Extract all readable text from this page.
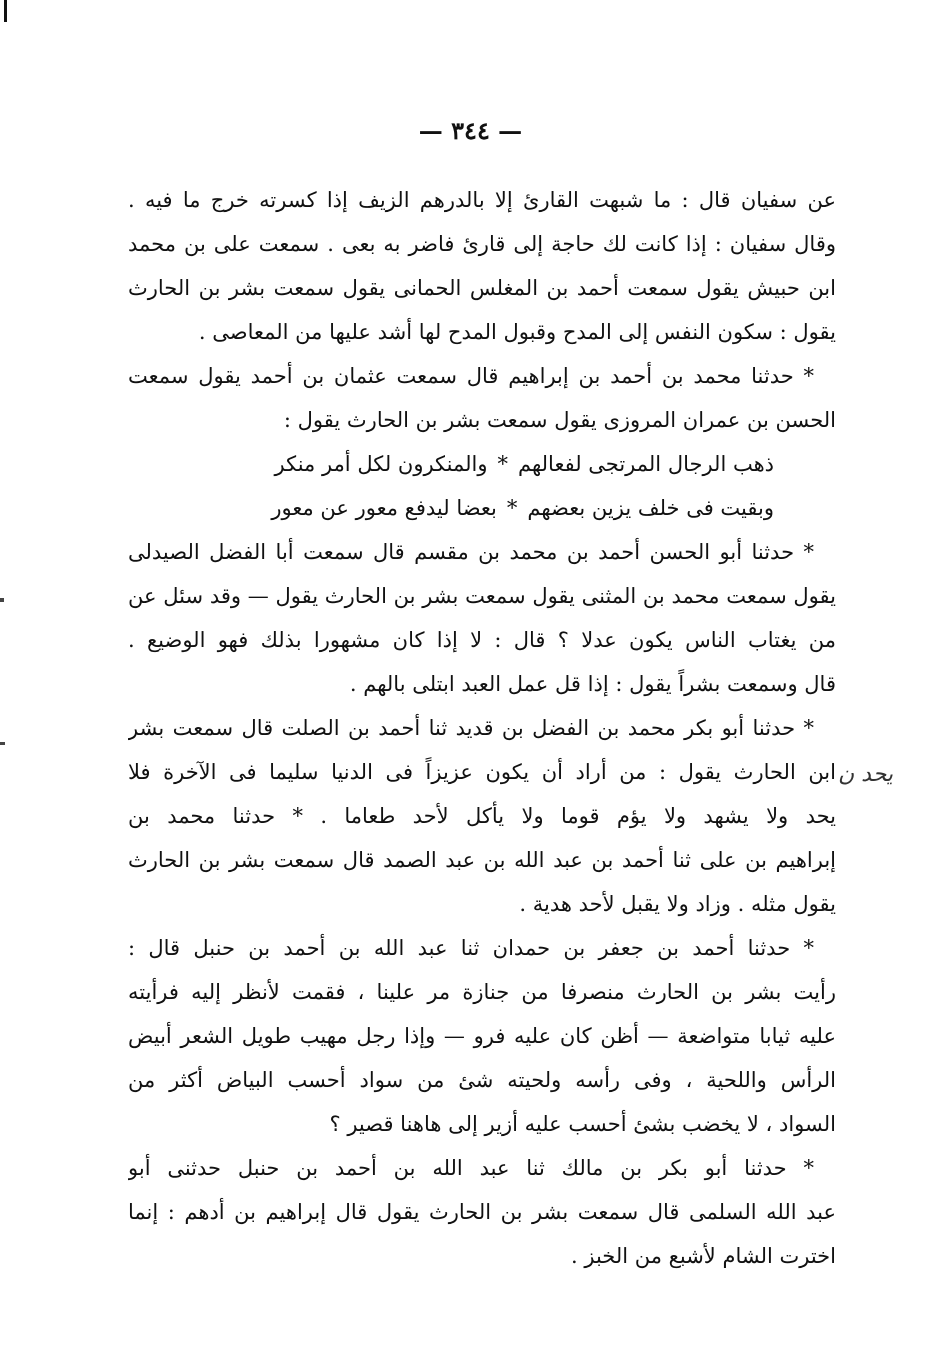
— ٣٤٤ —
يحد ن
عن سفيان قال : ما شبهت القارئ إلا بالدرهم الزيف إذا كسرته خرج ما فيه .
وقال سفيان : إذا كانت لك حاجة إلى قارئ فاضر به بعى . سمعت على بن محمد
ابن حبيش يقول سمعت أحمد بن المغلس الحمانى يقول سمعت بشر بن الحارث
يقول : سكون النفس إلى المدح وقبول المدح لها أشد عليها من المعاصى .
* حدثنا محمد بن أحمد بن إبراهيم قال سمعت عثمان بن أحمد يقول سمعت
الحسن بن عمران المروزى يقول سمعت بشر بن الحارث يقول :
ذهب الرجال المرتجى لفعالهم*والمنكرون لكل أمر منكر
وبقيت فى خلف يزين بعضهم*بعضا ليدفع معور عن معور
* حدثنا أبو الحسن أحمد بن محمد بن مقسم قال سمعت أبا الفضل الصيدلى
يقول سمعت محمد بن المثنى يقول سمعت بشر بن الحارث يقول — وقد سئل عن
من يغتاب الناس يكون عدلا ؟ قال : لا إذا كان مشهورا بذلك فهو الوضيع .
قال وسمعت بشراً يقول : إذا قل عمل العبد ابتلى بالهم .
* حدثنا أبو بكر محمد بن الفضل بن قديد ثنا أحمد بن الصلت قال سمعت بشر
ابن الحارث يقول : من أراد أن يكون عزيزاً فى الدنيا سليما فى الآخرة فلا
يحد ولا يشهد ولا يؤم قوما ولا يأكل لأحد طعاما . * حدثنا محمد بن
إبراهيم بن على ثنا أحمد بن عبد الله بن عبد الصمد قال سمعت بشر بن الحارث
يقول مثله . وزاد ولا يقبل لأحد هدية .
* حدثنا أحمد بن جعفر بن حمدان ثنا عبد الله بن أحمد بن حنبل قال :
رأيت بشر بن الحارث منصرفا من جنازة مر علينا ، فقمت لأنظر إليه فرأيته
عليه ثيابا متواضعة — أظن كان عليه فرو — وإذا رجل مهيب طويل الشعر أبيض
الرأس واللحية ، وفى رأسه ولحيته شئ من سواد أحسب البياض أكثر من
السواد ، لا يخضب بشئ أحسب عليه أزير إلى هاهنا قصير ؟
* حدثنا أبو بكر بن مالك ثنا عبد الله بن أحمد بن حنبل حدثنى أبو
عبد الله السلمى قال سمعت بشر بن الحارث يقول قال إبراهيم بن أدهم : إنما
اخترت الشام لأشبع من الخبز .
